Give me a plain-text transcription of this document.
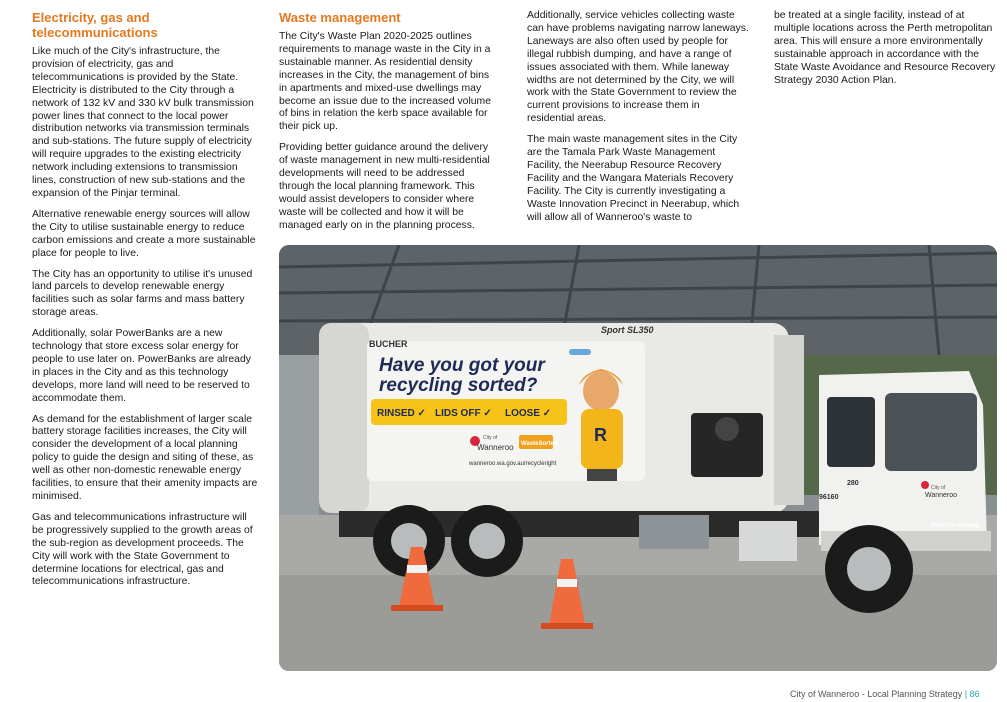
Electricity, gas and telecommunications

Like much of the City's infrastructure, the provision of electricity, gas and telecommunications is provided by the State. Electricity is distributed to the City through a network of 132 kV and 330 kV bulk transmission power lines that connect to the local power distribution networks via transmission terminals and sub-stations. The future supply of electricity will require upgrades to the existing electricity network including extensions to transmission lines, construction of new sub-stations and the expansion of the Pinjar terminal.

Alternative renewable energy sources will allow the City to utilise sustainable energy to reduce carbon emissions and create a more sustainable place for people to live.

The City has an opportunity to utilise it's unused land parcels to develop renewable energy facilities such as solar farms and mass battery storage areas.

Additionally, solar PowerBanks are a new technology that store excess solar energy for people to use later on. PowerBanks are already in places in the City and as this technology develops, more land will need to be reserved to accommodate them.

As demand for the establishment of larger scale battery storage facilities increases, the City will consider the development of a local planning policy to guide the design and siting of these, as well as other non-domestic renewable energy facilities, to ensure that their amenity impacts are minimised.

Gas and telecommunications infrastructure will be progressively supplied to the growth areas of the sub-region as development proceeds. The City will work with the State Government to determine locations for electrical, gas and telecommunications infrastructure.

Waste management

The City's Waste Plan 2020-2025 outlines requirements to manage waste in the City in a sustainable manner. As residential density increases in the City, the management of bins in apartments and mixed-use dwellings may become an issue due to the increased volume of bins in relation the kerb space available for their pick up.

Providing better guidance around the delivery of waste management in new multi-residential developments will need to be addressed through the local planning framework. This would assist developers to consider where waste will be collected and how it will be managed early on in the planning process.

Additionally, service vehicles collecting waste can have problems navigating narrow laneways. Laneways are also often used by people for illegal rubbish dumping, and have a range of issues associated with them. While laneway widths are not determined by the City, we will work with the State Government to review the current provisions to increase them in residential areas.

The main waste management sites in the City are the Tamala Park Waste Management Facility, the Neerabup Resource Recovery Facility and the Wangara Materials Recovery Facility. The City is currently investigating a Waste Innovation Precinct in Neerabup, which will allow all of Wanneroo's waste to

be treated at a single facility, instead of at multiple locations across the Perth metropolitan area. This will ensure a more environmentally sustainable approach in accordance with the State Waste Avoidance and Resource Recovery Strategy 2030 Action Plan.

BUCHER
Sport SL350
Have you got your
recycling sorted?
RINSED ✓ LIDS OFF ✓ LOOSE ✓
City of
Wanneroo WasteSorted
wanneroo.wa.gov.au/recycleright
R
96160
280
City of
Wanneroo
Hello I'm Benang
City of Wanneroo - Local Planning Strategy | 86
